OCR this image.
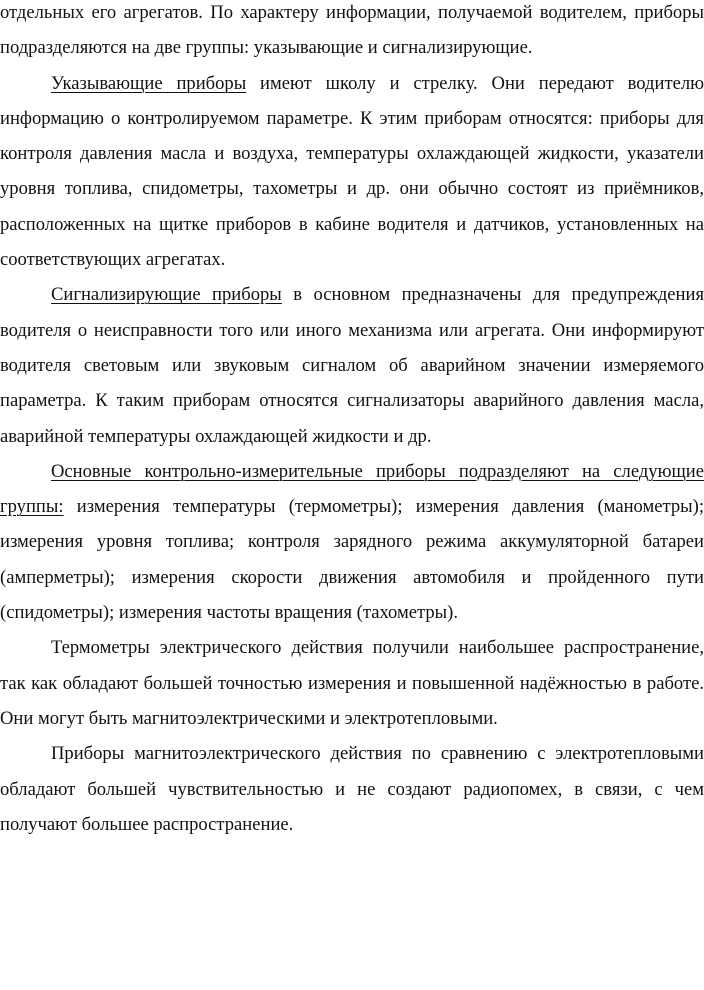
отдельных его агрегатов. По характеру информации, получаемой водителем, приборы подразделяются на две группы: указывающие и сигнализирующие.

Указывающие приборы имеют школу и стрелку. Они передают водителю информацию о контролируемом параметре. К этим приборам относятся: приборы для контроля давления масла и воздуха, температуры охлаждающей жидкости, указатели уровня топлива, спидометры, тахометры и др. они обычно состоят из приёмников, расположенных на щитке приборов в кабине водителя и датчиков, установленных на соответствующих агрегатах.

Сигнализирующие приборы в основном предназначены для предупреждения водителя о неисправности того или иного механизма или агрегата. Они информируют водителя световым или звуковым сигналом об аварийном значении измеряемого параметра. К таким приборам относятся сигнализаторы аварийного давления масла, аварийной температуры охлаждающей жидкости и др.

Основные контрольно-измерительные приборы подразделяют на следующие группы: измерения температуры (термометры); измерения давления (манометры); измерения уровня топлива; контроля зарядного режима аккумуляторной батареи (амперметры); измерения скорости движения автомобиля и пройденного пути (спидометры); измерения частоты вращения (тахометры).

Термометры электрического действия получили наибольшее распространение, так как обладают большей точностью измерения и повышенной надёжностью в работе. Они могут быть магнитоэлектрическими и электротепловыми.

Приборы магнитоэлектрического действия по сравнению с электротепловыми обладают большей чувствительностью и не создают радиопомех, в связи, с чем получают большее распространение.
